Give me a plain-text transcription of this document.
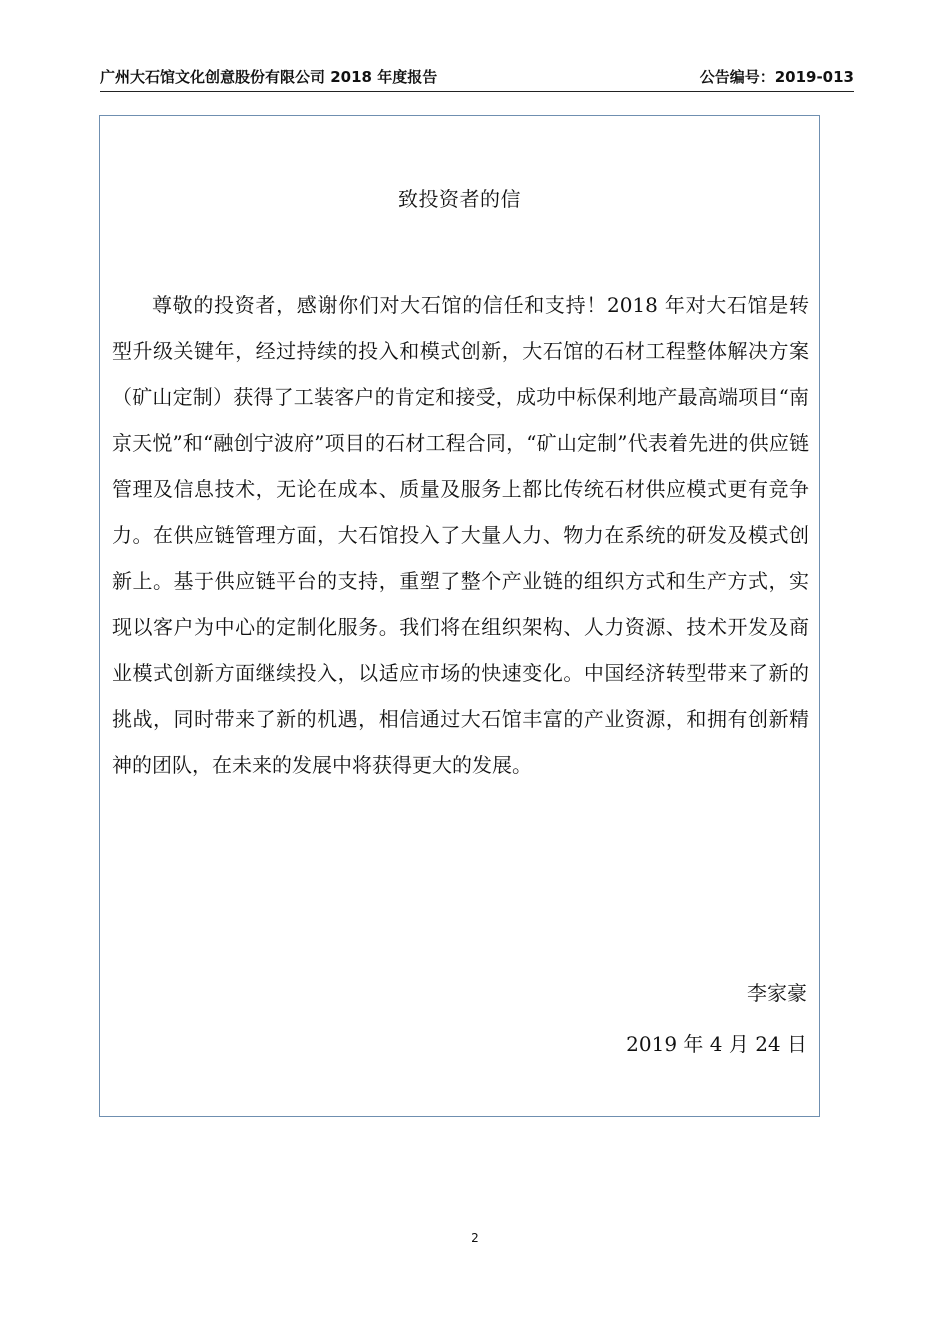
广州大石馆文化创意股份有限公司 2018 年度报告	公告编号：2019-013
致投资者的信

尊敬的投资者，感谢你们对大石馆的信任和支持！2018 年对大石馆是转型升级关键年，经过持续的投入和模式创新，大石馆的石材工程整体解决方案（矿山定制）获得了工装客户的肯定和接受，成功中标保利地产最高端项目“南京天悦”和“融创宁波府”项目的石材工程合同，“矿山定制”代表着先进的供应链管理及信息技术，无论在成本、质量及服务上都比传统石材供应模式更有竞争力。在供应链管理方面，大石馆投入了大量人力、物力在系统的研发及模式创新上。基于供应链平台的支持，重塑了整个产业链的组织方式和生产方式，实现以客户为中心的定制化服务。我们将在组织架构、人力资源、技术开发及商业模式创新方面继续投入，以适应市场的快速变化。中国经济转型带来了新的挑战，同时带来了新的机遇，相信通过大石馆丰富的产业资源，和拥有创新精神的团队，在未来的发展中将获得更大的发展。

李家豪
2019 年 4 月 24 日
2
